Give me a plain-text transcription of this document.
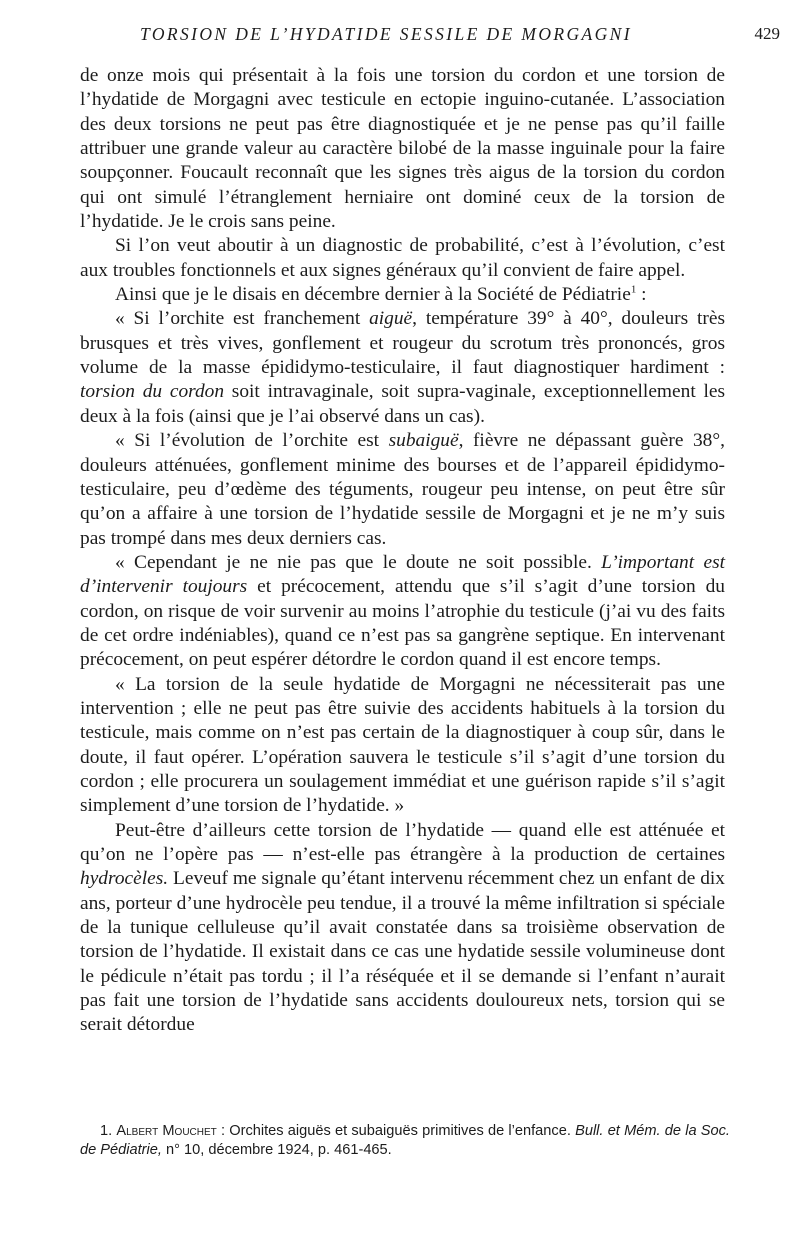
TORSION DE L’HYDATIDE SESSILE DE MORGAGNI	429

de onze mois qui présentait à la fois une torsion du cordon et une torsion de l’hydatide de Morgagni avec testicule en ectopie inguino-cutanée. L’association des deux torsions ne peut pas être diagnostiquée et je ne pense pas qu’il faille attribuer une grande valeur au caractère bilobé de la masse inguinale pour la faire soupçonner. Foucault reconnaît que les signes très aigus de la torsion du cordon qui ont simulé l’étranglement herniaire ont dominé ceux de la torsion de l’hydatide. Je le crois sans peine.

Si l’on veut aboutir à un diagnostic de probabilité, c’est à l’évolution, c’est aux troubles fonctionnels et aux signes généraux qu’il convient de faire appel.

Ainsi que je le disais en décembre dernier à la Société de Pédiatrie$^1$ :

« Si l’orchite est franchement aiguë, température 39° à 40°, douleurs très brusques et très vives, gonflement et rougeur du scrotum très prononcés, gros volume de la masse épididymo-testiculaire, il faut diagnostiquer hardiment : torsion du cordon soit intravaginale, soit supra-vaginale, exceptionnellement les deux à la fois (ainsi que je l’ai observé dans un cas).

« Si l’évolution de l’orchite est subaiguë, fièvre ne dépassant guère 38°, douleurs atténuées, gonflement minime des bourses et de l’appareil épididymo-testiculaire, peu d’œdème des téguments, rougeur peu intense, on peut être sûr qu’on a affaire à une torsion de l’hydatide sessile de Morgagni et je ne m’y suis pas trompé dans mes deux derniers cas.

« Cependant je ne nie pas que le doute ne soit possible. L’important est d’intervenir toujours et précocement, attendu que s’il s’agit d’une torsion du cordon, on risque de voir survenir au moins l’atrophie du testicule (j’ai vu des faits de cet ordre indéniables), quand ce n’est pas sa gangrène septique. En intervenant précocement, on peut espérer détordre le cordon quand il est encore temps.

« La torsion de la seule hydatide de Morgagni ne nécessiterait pas une intervention ; elle ne peut pas être suivie des accidents habituels à la torsion du testicule, mais comme on n’est pas certain de la diagnostiquer à coup sûr, dans le doute, il faut opérer. L’opération sauvera le testicule s’il s’agit d’une torsion du cordon ; elle procurera un soulagement immédiat et une guérison rapide s’il s’agit simplement d’une torsion de l’hydatide. »

Peut-être d’ailleurs cette torsion de l’hydatide — quand elle est atténuée et qu’on ne l’opère pas — n’est-elle pas étrangère à la production de certaines hydrocèles. Leveuf me signale qu’étant intervenu récemment chez un enfant de dix ans, porteur d’une hydrocèle peu tendue, il a trouvé la même infiltration si spéciale de la tunique celluleuse qu’il avait constatée dans sa troisième observation de torsion de l’hydatide. Il existait dans ce cas une hydatide sessile volumineuse dont le pédicule n’était pas tordu ; il l’a réséquée et il se demande si l’enfant n’aurait pas fait une torsion de l’hydatide sans accidents douloureux nets, torsion qui se serait détordue

1. Albert Mouchet : Orchites aiguës et subaiguës primitives de l’enfance. Bull. et Mém. de la Soc. de Pédiatrie, n° 10, décembre 1924, p. 461-465.
